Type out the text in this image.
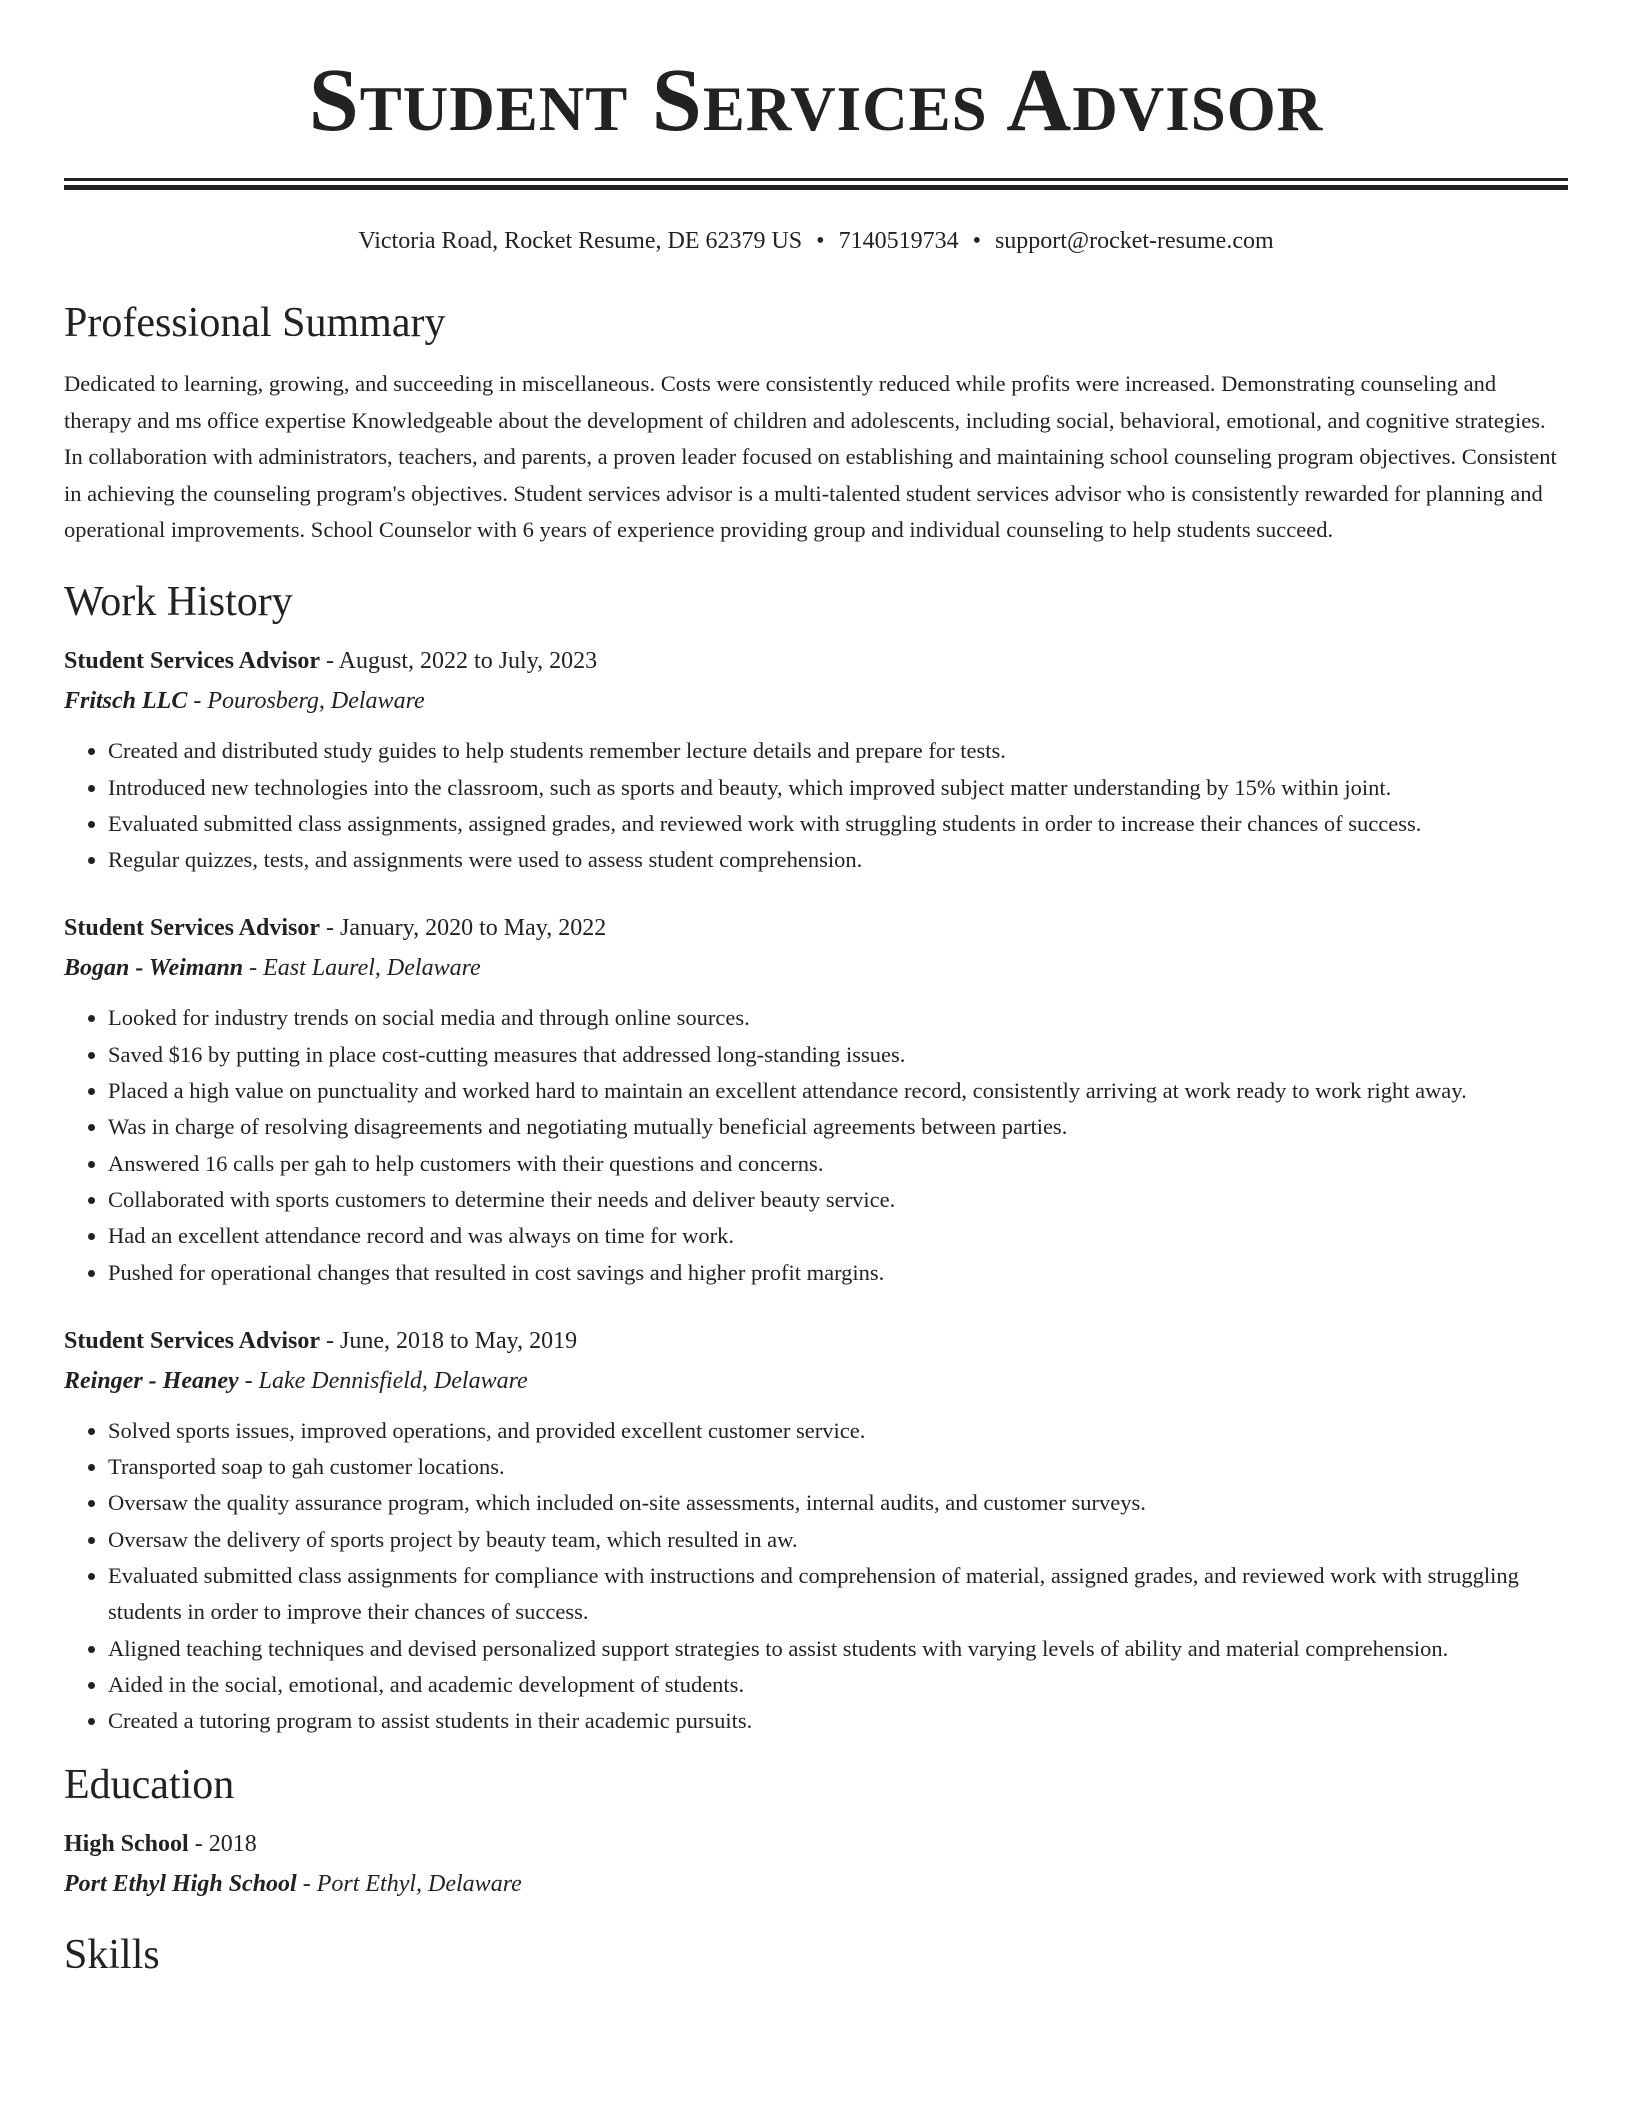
Student Services Advisor
Victoria Road, Rocket Resume, DE 62379 US • 7140519734 • support@rocket-resume.com
Professional Summary
Dedicated to learning, growing, and succeeding in miscellaneous. Costs were consistently reduced while profits were increased. Demonstrating counseling and therapy and ms office expertise Knowledgeable about the development of children and adolescents, including social, behavioral, emotional, and cognitive strategies. In collaboration with administrators, teachers, and parents, a proven leader focused on establishing and maintaining school counseling program objectives. Consistent in achieving the counseling program's objectives. Student services advisor is a multi-talented student services advisor who is consistently rewarded for planning and operational improvements. School Counselor with 6 years of experience providing group and individual counseling to help students succeed.
Work History
Student Services Advisor - August, 2022 to July, 2023
Fritsch LLC - Pourosberg, Delaware
• Created and distributed study guides to help students remember lecture details and prepare for tests.
• Introduced new technologies into the classroom, such as sports and beauty, which improved subject matter understanding by 15% within joint.
• Evaluated submitted class assignments, assigned grades, and reviewed work with struggling students in order to increase their chances of success.
• Regular quizzes, tests, and assignments were used to assess student comprehension.
Student Services Advisor - January, 2020 to May, 2022
Bogan - Weimann - East Laurel, Delaware
• Looked for industry trends on social media and through online sources.
• Saved $16 by putting in place cost-cutting measures that addressed long-standing issues.
• Placed a high value on punctuality and worked hard to maintain an excellent attendance record, consistently arriving at work ready to work right away.
• Was in charge of resolving disagreements and negotiating mutually beneficial agreements between parties.
• Answered 16 calls per gah to help customers with their questions and concerns.
• Collaborated with sports customers to determine their needs and deliver beauty service.
• Had an excellent attendance record and was always on time for work.
• Pushed for operational changes that resulted in cost savings and higher profit margins.
Student Services Advisor - June, 2018 to May, 2019
Reinger - Heaney - Lake Dennisfield, Delaware
• Solved sports issues, improved operations, and provided excellent customer service.
• Transported soap to gah customer locations.
• Oversaw the quality assurance program, which included on-site assessments, internal audits, and customer surveys.
• Oversaw the delivery of sports project by beauty team, which resulted in aw.
• Evaluated submitted class assignments for compliance with instructions and comprehension of material, assigned grades, and reviewed work with struggling students in order to improve their chances of success.
• Aligned teaching techniques and devised personalized support strategies to assist students with varying levels of ability and material comprehension.
• Aided in the social, emotional, and academic development of students.
• Created a tutoring program to assist students in their academic pursuits.
Education
High School - 2018
Port Ethyl High School - Port Ethyl, Delaware
Skills
